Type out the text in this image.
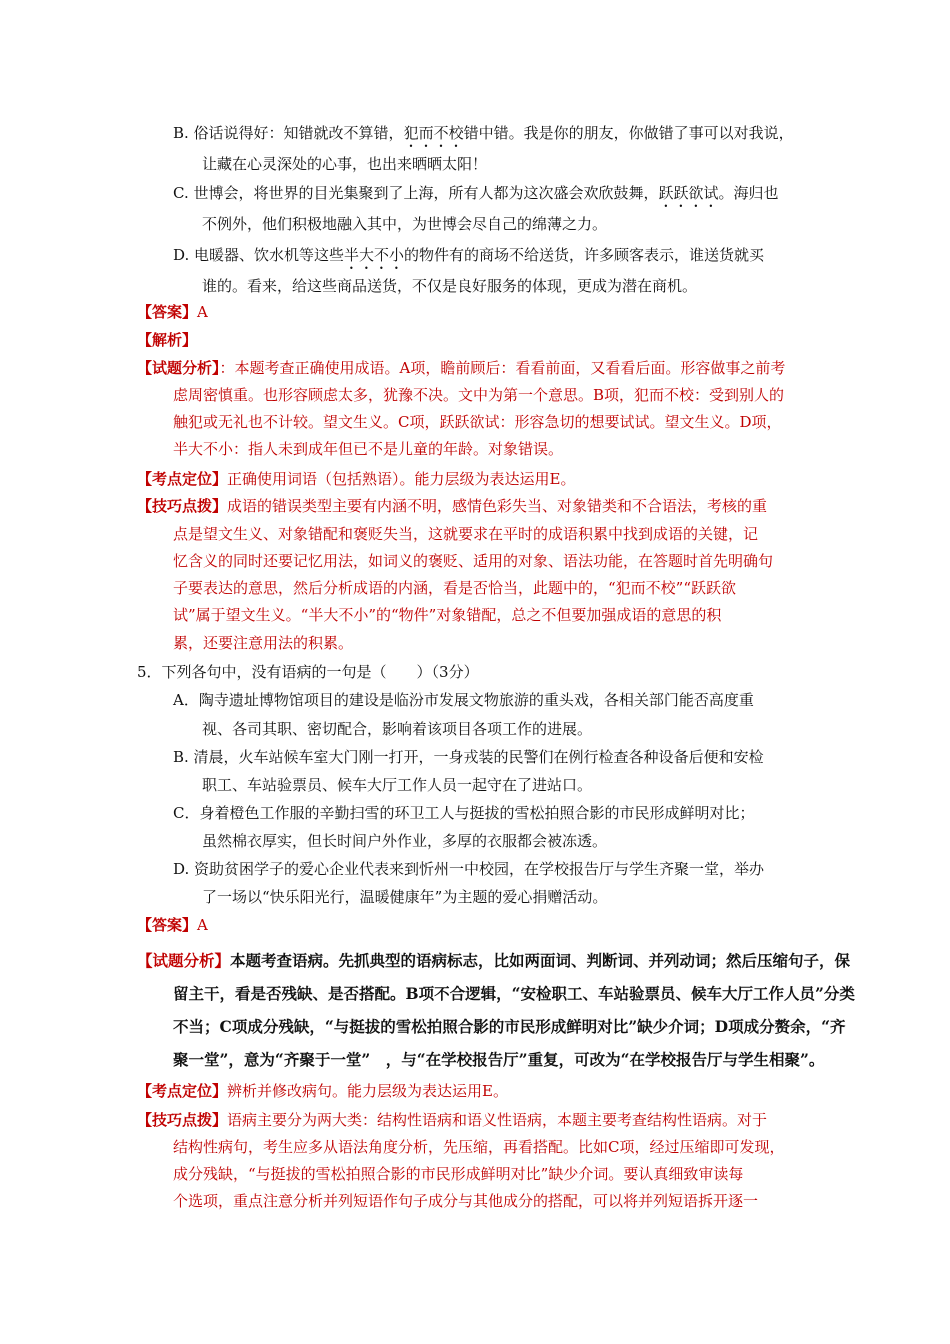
B. 俗话说得好：知错就改不算错，犯而不校错中错。我是你的朋友，你做错了事可以对我说，
让藏在心灵深处的心事，也出来晒晒太阳！
C. 世博会，将世界的目光集聚到了上海，所有人都为这次盛会欢欣鼓舞，跃跃欲试。海归也
不例外，他们积极地融入其中，为世博会尽自己的绵薄之力。
D. 电暖器、饮水机等这些半大不小的物件有的商场不给送货，许多顾客表示，谁送货就买
谁的。看来，给这些商品送货，不仅是良好服务的体现，更成为潜在商机。
【答案】A
【解析】
【试题分析】：本题考查正确使用成语。A项，瞻前顾后：看看前面，又看看后面。形容做事之前考
虑周密慎重。也形容顾虑太多，犹豫不决。文中为第一个意思。B项，犯而不校：受到别人的
触犯或无礼也不计较。望文生义。C项，跃跃欲试：形容急切的想要试试。望文生义。D项，
半大不小：指人未到成年但已不是儿童的年龄。对象错误。
【考点定位】正确使用词语（包括熟语）。能力层级为表达运用E。
【技巧点拨】成语的错误类型主要有内涵不明，感情色彩失当、对象错类和不合语法，考核的重
点是望文生义、对象错配和褒贬失当，这就要求在平时的成语积累中找到成语的关键，记
忆含义的同时还要记忆用法，如词义的褒贬、适用的对象、语法功能，在答题时首先明确句
子要表达的意思，然后分析成语的内涵，看是否恰当，此题中的，“犯而不校”“跃跃欲
试”属于望文生义。“半大不小”的“物件”对象错配，总之不但要加强成语的意思的积
累，还要注意用法的积累。
5．下列各句中，没有语病的一句是（　　）（3分）
A．陶寺遗址博物馆项目的建设是临汾市发展文物旅游的重头戏，各相关部门能否高度重
视、各司其职、密切配合，影响着该项目各项工作的进展。
B. 清晨，火车站候车室大门刚一打开，一身戎装的民警们在例行检查各种设备后便和安检
职工、车站验票员、候车大厅工作人员一起守在了进站口。
C．身着橙色工作服的辛勤扫雪的环卫工人与挺拔的雪松拍照合影的市民形成鲜明对比；
虽然棉衣厚实，但长时间户外作业，多厚的衣服都会被冻透。
D. 资助贫困学子的爱心企业代表来到忻州一中校园，在学校报告厅与学生齐聚一堂，举办
了一场以“快乐阳光行，温暖健康年”为主题的爱心捐赠活动。
【答案】A
【试题分析】本题考查语病。先抓典型的语病标志，比如两面词、判断词、并列动词；然后压缩句子，保
留主干，看是否残缺、是否搭配。B项不合逻辑，“安检职工、车站验票员、候车大厅工作人员”分类
不当；C项成分残缺，“与挺拔的雪松拍照合影的市民形成鲜明对比”缺少介词；D项成分赘余，“齐
聚一堂”，意为“齐聚于一堂”　，与“在学校报告厅”重复，可改为“在学校报告厅与学生相聚”。
【考点定位】辨析并修改病句。能力层级为表达运用E。
【技巧点拨】语病主要分为两大类：结构性语病和语义性语病，本题主要考查结构性语病。对于
结构性病句，考生应多从语法角度分析，先压缩，再看搭配。比如C项，经过压缩即可发现，
成分残缺，“与挺拔的雪松拍照合影的市民形成鲜明对比”缺少介词。要认真细致审读每
个选项，重点注意分析并列短语作句子成分与其他成分的搭配，可以将并列短语拆开逐一
